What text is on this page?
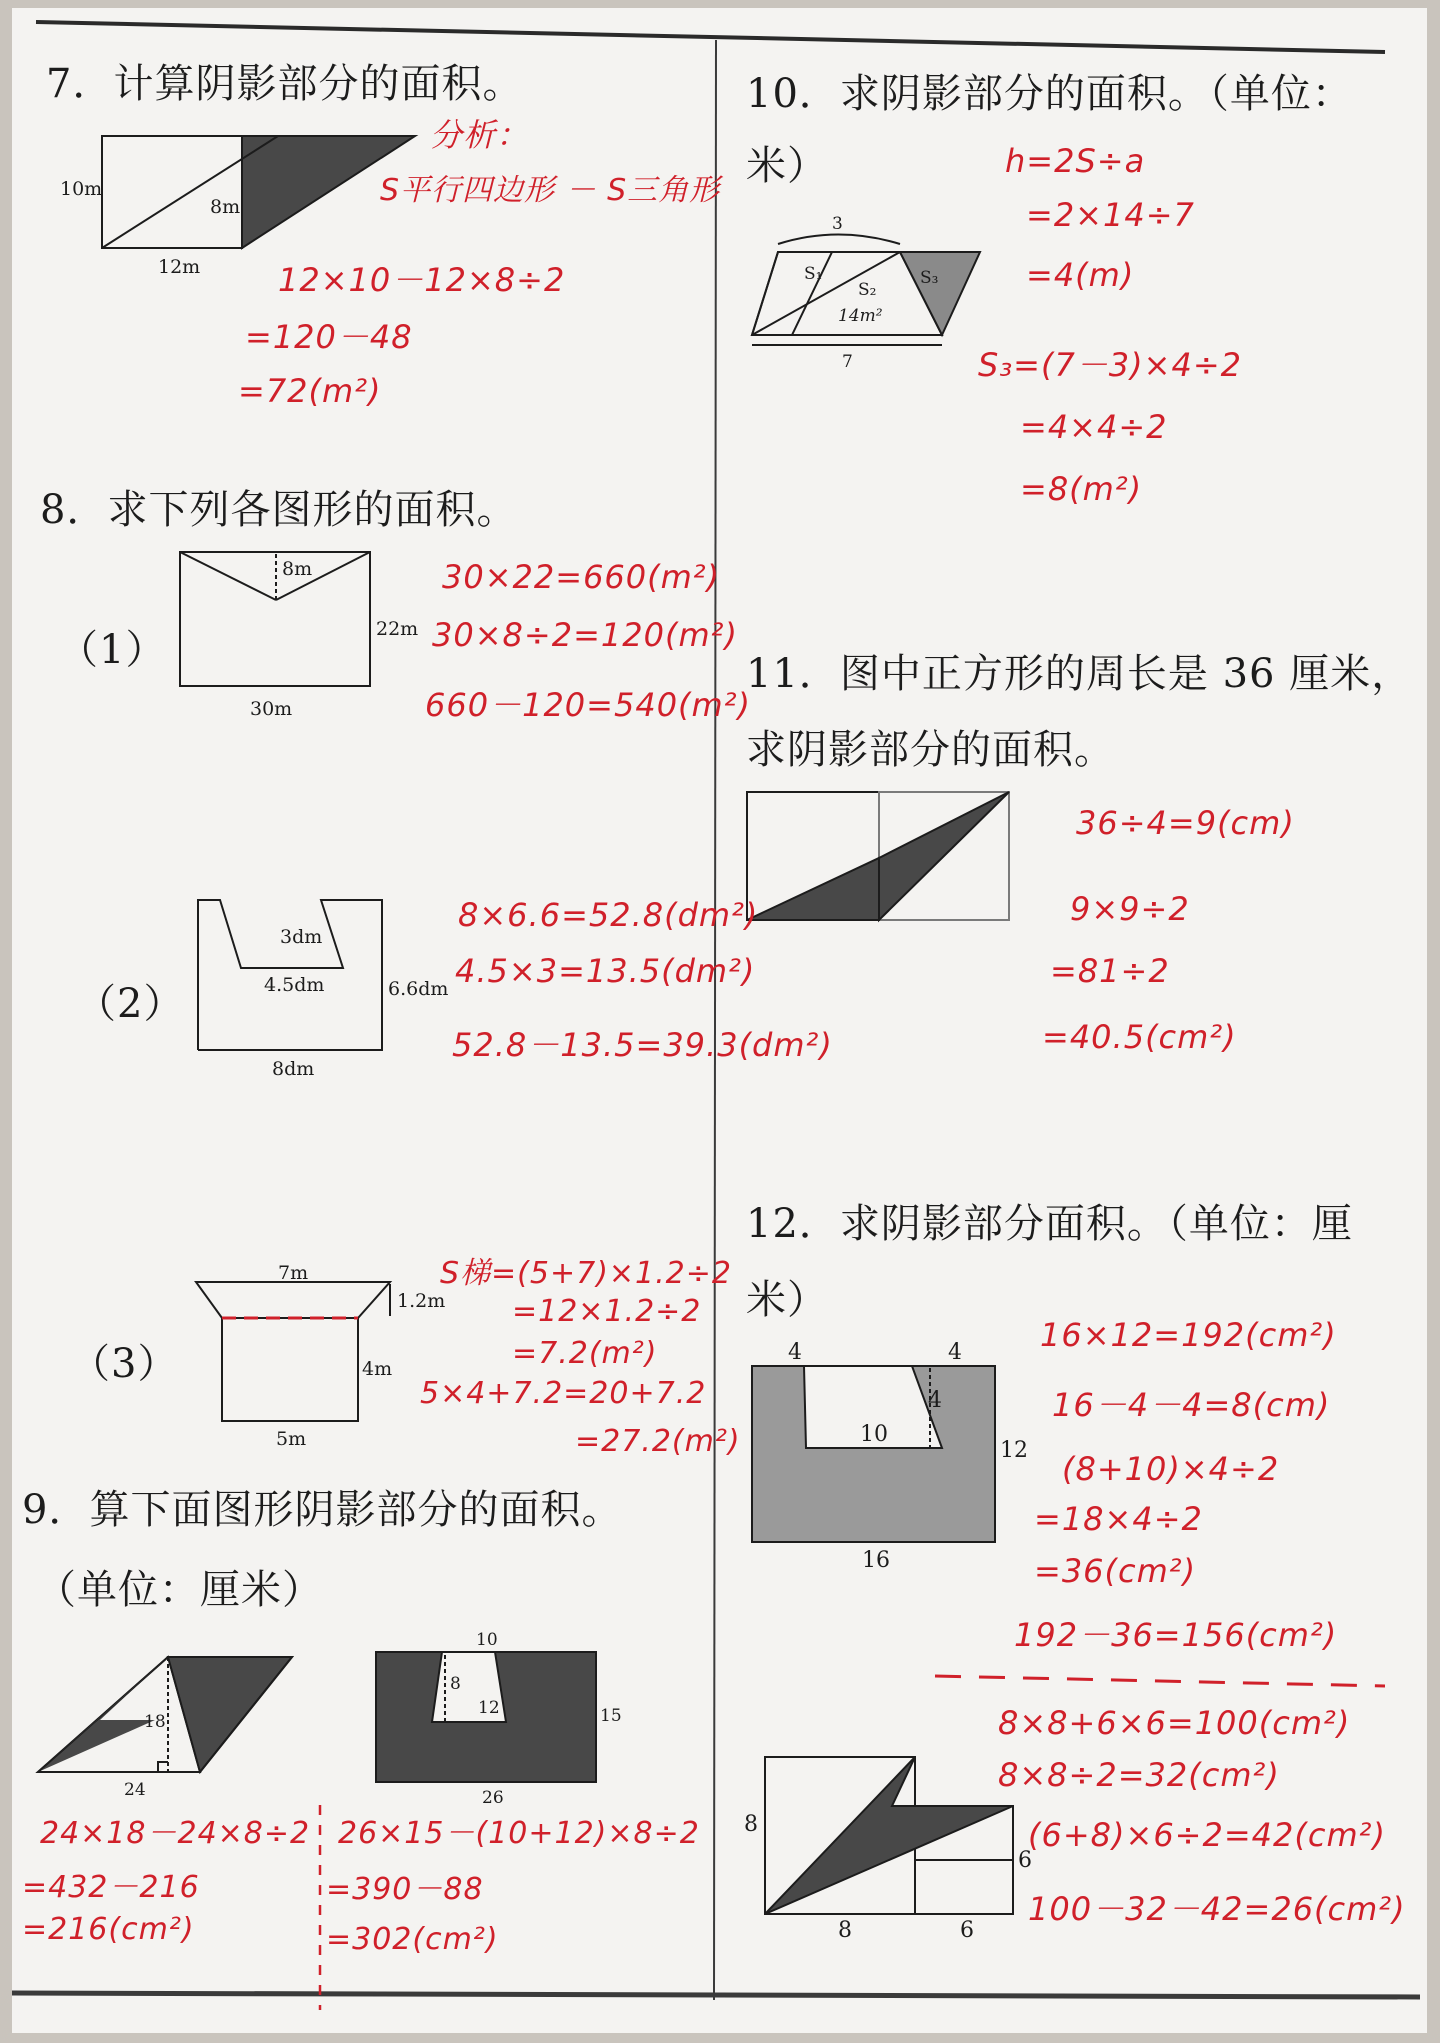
7．计算阴影部分的面积。
10m
8m
12m
分析：
S平行四边形 － S三角形
12×10－12×8÷2
=120－48
=72(m²)
8．求下列各图形的面积。
（1）
8m
22m
30m
30×22=660(m²)
30×8÷2=120(m²)
660－120=540(m²)
（2）
3dm
4.5dm	6.6dm
8dm
8×6.6=52.8(dm²)
4.5×3=13.5(dm²)
52.8－13.5=39.3(dm²)
（3）
7m
1.2m
4m
5m
S梯=(5+7)×1.2÷2
=12×1.2÷2
=7.2(m²)
5×4+7.2=20+7.2
=27.2(m²)
9．算下面图形阴影部分的面积。
（单位：厘米）
18
24
10
8
12	15
26
24×18－24×8÷2
=432－216
=216(cm²)
26×15－(10+12)×8÷2
=390－88
=302(cm²)
10．求阴影部分的面积。（单位：
米）
3
S₁
S₂
S₃
14m²
7
h=2S÷a
=2×14÷7
=4(m)
S₃=(7－3)×4÷2
=4×4÷2
=8(m²)
11．图中正方形的周长是 36 厘米，
求阴影部分的面积。
36÷4=9(cm)
9×9÷2
=81÷2
=40.5(cm²)
12．求阴影部分面积。（单位：厘
米）
4	4
4
10
12
16
16×12=192(cm²)
16－4－4=8(cm)
(8+10)×4÷2
=18×4÷2
=36(cm²)
192－36=156(cm²)
8
6
8	6
8×8+6×6=100(cm²)
8×8÷2=32(cm²)
(6+8)×6÷2=42(cm²)
100－32－42=26(cm²)
